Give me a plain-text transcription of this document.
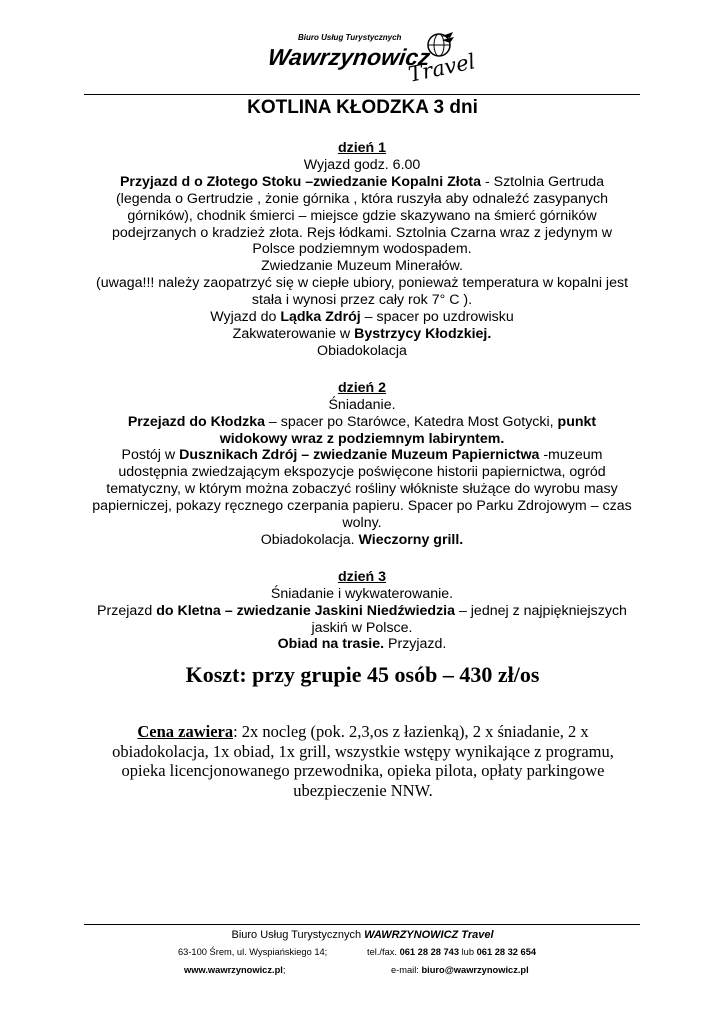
Biuro Usług Turystycznych
Wawrzynowicz
Travel
KOTLINA KŁODZKA 3 dni
dzień 1
Wyjazd godz. 6.00
Przyjazd d o Złotego Stoku –zwiedzanie Kopalni Złota - Sztolnia Gertruda (legenda o Gertrudzie , żonie górnika , która ruszyła aby odnaleźć zasypanych górników), chodnik śmierci – miejsce gdzie skazywano na śmierć górników podejrzanych o kradzież złota. Rejs łódkami. Sztolnia Czarna wraz z jedynym w Polsce podziemnym wodospadem.
Zwiedzanie Muzeum Minerałów.
(uwaga!!! należy zaopatrzyć się w ciepłe ubiory, ponieważ temperatura w kopalni jest stała i wynosi przez cały rok 7° C ).
Wyjazd do Lądka Zdrój – spacer po uzdrowisku
Zakwaterowanie w Bystrzycy Kłodzkiej.
Obiadokolacja
dzień 2
Śniadanie.
Przejazd do Kłodzka – spacer po Starówce, Katedra Most Gotycki, punkt widokowy wraz z podziemnym labiryntem.
Postój w Dusznikach Zdrój – zwiedzanie Muzeum Papiernictwa -muzeum udostępnia zwiedzającym ekspozycje poświęcone historii papiernictwa, ogród tematyczny, w którym można zobaczyć rośliny włókniste służące do wyrobu masy papierniczej, pokazy ręcznego czerpania papieru. Spacer po Parku Zdrojowym – czas wolny.
Obiadokolacja. Wieczorny grill.
dzień 3
Śniadanie i wykwaterowanie.
Przejazd do Kletna – zwiedzanie Jaskini Niedźwiedzia – jednej z najpiękniejszych jaskiń w Polsce.
Obiad na trasie. Przyjazd.
Koszt: przy grupie 45 osób – 430 zł/os
Cena zawiera: 2x nocleg (pok. 2,3,os z łazienką), 2 x śniadanie, 2 x obiadokolacja, 1x obiad, 1x grill, wszystkie wstępy wynikające z programu, opieka licencjonowanego przewodnika, opieka pilota, opłaty parkingowe ubezpieczenie NNW.
Biuro Usług Turystycznych WAWRZYNOWICZ Travel
63-100 Śrem, ul. Wyspiańskiego 14;	tel./fax. 061 28 28 743 lub 061 28 32 654
www.wawrzynowicz.pl;	e-mail: biuro@wawrzynowicz.pl
